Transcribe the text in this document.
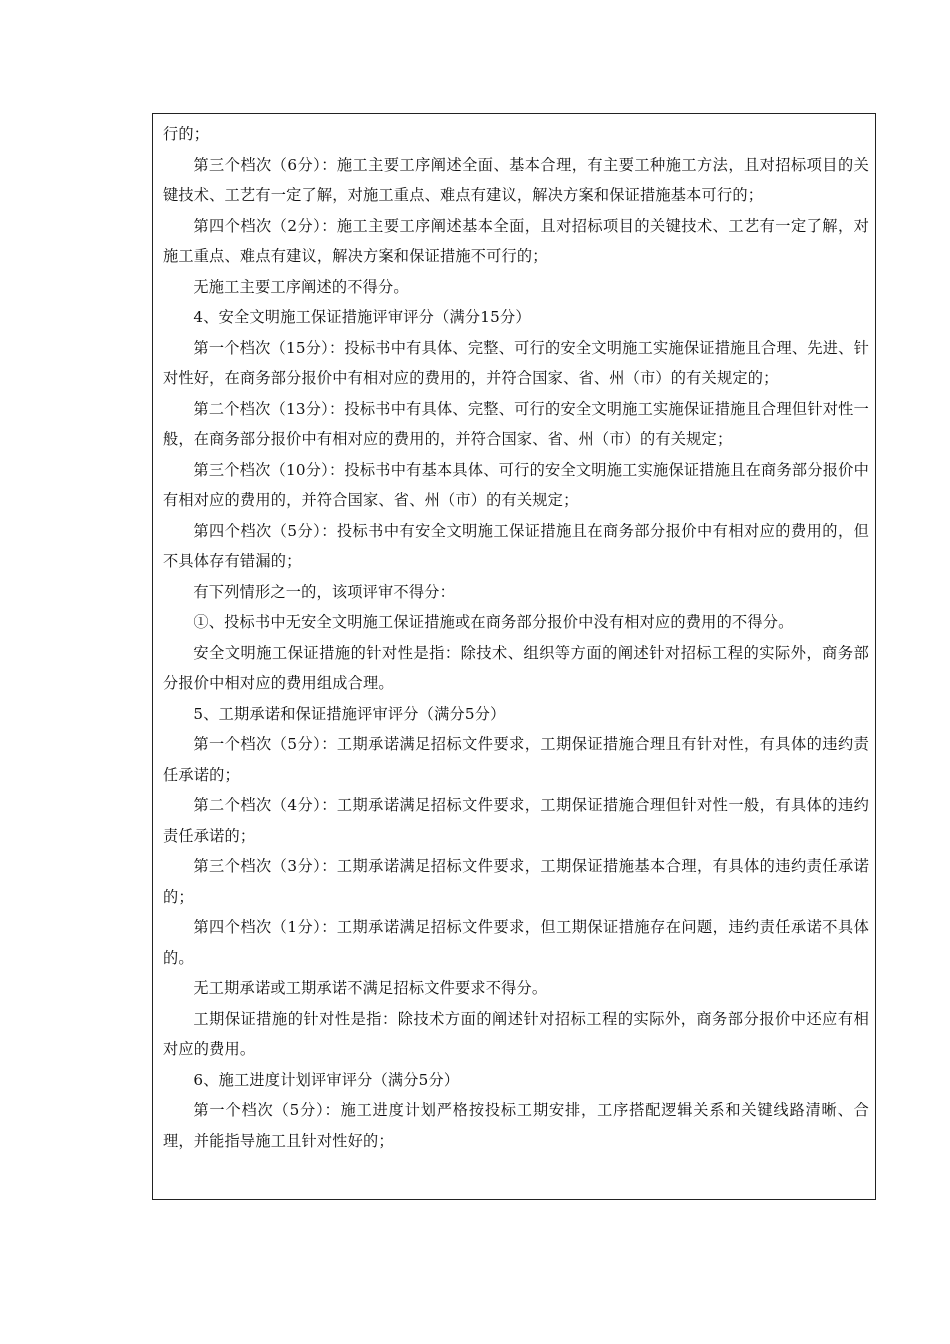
行的；

第三个档次（6分）：施工主要工序阐述全面、基本合理，有主要工种施工方法，且对招标项目的关键技术、工艺有一定了解，对施工重点、难点有建议，解决方案和保证措施基本可行的；

第四个档次（2分）：施工主要工序阐述基本全面，且对招标项目的关键技术、工艺有一定了解，对施工重点、难点有建议，解决方案和保证措施不可行的；

无施工主要工序阐述的不得分。

4、安全文明施工保证措施评审评分（满分15分）

第一个档次（15分）：投标书中有具体、完整、可行的安全文明施工实施保证措施且合理、先进、针对性好，在商务部分报价中有相对应的费用的，并符合国家、省、州（市）的有关规定的；

第二个档次（13分）：投标书中有具体、完整、可行的安全文明施工实施保证措施且合理但针对性一般，在商务部分报价中有相对应的费用的，并符合国家、省、州（市）的有关规定；

第三个档次（10分）：投标书中有基本具体、可行的安全文明施工实施保证措施且在商务部分报价中有相对应的费用的，并符合国家、省、州（市）的有关规定；

第四个档次（5分）：投标书中有安全文明施工保证措施且在商务部分报价中有相对应的费用的，但不具体存有错漏的；

有下列情形之一的，该项评审不得分：

①、投标书中无安全文明施工保证措施或在商务部分报价中没有相对应的费用的不得分。

安全文明施工保证措施的针对性是指：除技术、组织等方面的阐述针对招标工程的实际外，商务部分报价中相对应的费用组成合理。

5、工期承诺和保证措施评审评分（满分5分）

第一个档次（5分）：工期承诺满足招标文件要求，工期保证措施合理且有针对性，有具体的违约责任承诺的；

第二个档次（4分）：工期承诺满足招标文件要求，工期保证措施合理但针对性一般，有具体的违约责任承诺的；

第三个档次（3分）：工期承诺满足招标文件要求，工期保证措施基本合理，有具体的违约责任承诺的；

第四个档次（1分）：工期承诺满足招标文件要求，但工期保证措施存在问题，违约责任承诺不具体的。

无工期承诺或工期承诺不满足招标文件要求不得分。

工期保证措施的针对性是指：除技术方面的阐述针对招标工程的实际外，商务部分报价中还应有相对应的费用。

6、施工进度计划评审评分（满分5分）

第一个档次（5分）：施工进度计划严格按投标工期安排，工序搭配逻辑关系和关键线路清晰、合理，并能指导施工且针对性好的；
